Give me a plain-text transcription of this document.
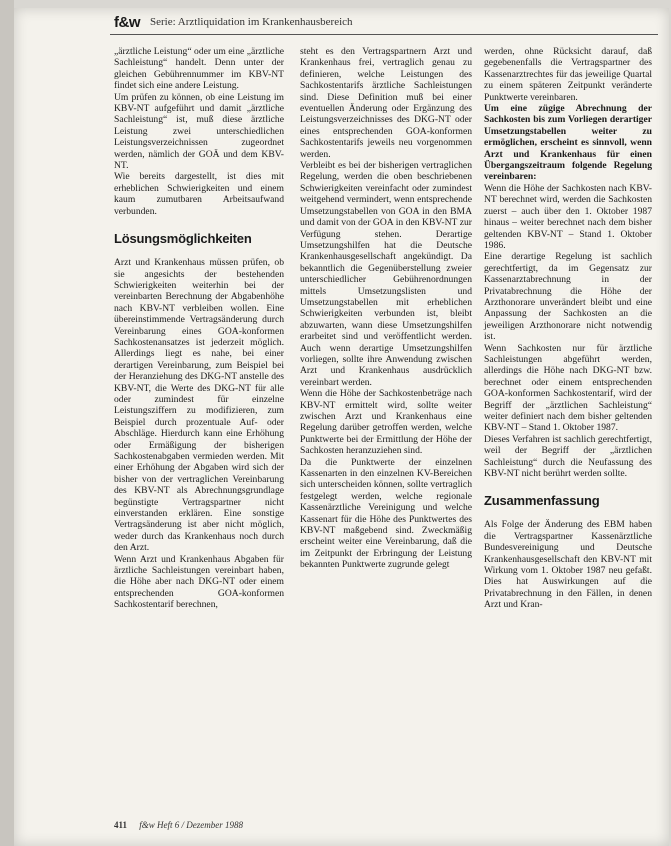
f&w Serie: Arztliquidation im Krankenhausbereich

„ärztliche Leistung“ oder um eine „ärztliche Sachleistung“ handelt. Denn unter der gleichen Gebührennummer im KBV-NT findet sich eine andere Leistung.

Um prüfen zu können, ob eine Leistung im KBV-NT aufgeführt und damit „ärztliche Sachleistung“ ist, muß diese ärztliche Leistung zwei unterschiedlichen Leistungsverzeichnissen zugeordnet werden, nämlich der GOÄ und dem KBV-NT.

Wie bereits dargestellt, ist dies mit erheblichen Schwierigkeiten und einem kaum zumutbaren Arbeitsaufwand verbunden.

Lösungsmöglichkeiten

Arzt und Krankenhaus müssen prüfen, ob sie angesichts der bestehenden Schwierigkeiten weiterhin bei der vereinbarten Berechnung der Abgabenhöhe nach KBV-NT verbleiben wollen. Eine übereinstimmende Vertragsänderung durch Vereinbarung eines GOA-konformen Sachkostenansatzes ist jederzeit möglich. Allerdings liegt es nahe, bei einer derartigen Vereinbarung, zum Beispiel bei der Heranziehung des DKG-NT anstelle des KBV-NT, die Werte des DKG-NT für alle oder zumindest für einzelne Leistungsziffern zu modifizieren, zum Beispiel durch prozentuale Auf- oder Abschläge. Hierdurch kann eine Erhöhung oder Ermäßigung der bisherigen Sachkostenabgaben vermieden werden. Mit einer Erhöhung der Abgaben wird sich der bisher von der vertraglichen Vereinbarung des KBV-NT als Abrechnungsgrundlage begünstigte Vertragspartner nicht einverstanden erklären. Eine sonstige Vertragsänderung ist aber nicht möglich, weder durch das Krankenhaus noch durch den Arzt.

Wenn Arzt und Krankenhaus Abgaben für ärztliche Sachleistungen vereinbart haben, die Höhe aber nach DKG-NT oder einem entsprechenden GOA-konformen Sachkostentarif berechnen,

steht es den Vertragspartnern Arzt und Krankenhaus frei, vertraglich genau zu definieren, welche Leistungen des Sachkostentarifs ärztliche Sachleistungen sind. Diese Definition muß bei einer eventuellen Änderung oder Ergänzung des Leistungsverzeichnisses des DKG-NT oder eines entsprechenden GOA-konformen Sachkostentarifs jeweils neu vorgenommen werden.

Verbleibt es bei der bisherigen vertraglichen Regelung, werden die oben beschriebenen Schwierigkeiten vereinfacht oder zumindest weitgehend vermindert, wenn entsprechende Umsetzungstabellen von GOA in den BMA und damit von der GOA in den KBV-NT zur Verfügung stehen. Derartige Umsetzungshilfen hat die Deutsche Krankenhausgesellschaft angekündigt. Da bekanntlich die Gegenüberstellung zweier unterschiedlicher Gebührenordnungen mittels Umsetzungslisten und Umsetzungstabellen mit erheblichen Schwierigkeiten verbunden ist, bleibt abzuwarten, wann diese Umsetzungshilfen erarbeitet sind und veröffentlicht werden. Auch wenn derartige Umsetzungshilfen vorliegen, sollte ihre Anwendung zwischen Arzt und Krankenhaus ausdrücklich vereinbart werden.

Wenn die Höhe der Sachkostenbeträge nach KBV-NT ermittelt wird, sollte weiter zwischen Arzt und Krankenhaus eine Regelung darüber getroffen werden, welche Punktwerte bei der Ermittlung der Höhe der Sachkosten heranzuziehen sind.

Da die Punktwerte der einzelnen Kassenarten in den einzelnen KV-Bereichen sich unterscheiden können, sollte vertraglich festgelegt werden, welche regionale Kassenärztliche Vereinigung und welche Kassenart für die Höhe des Punktwertes des KBV-NT maßgebend sind. Zweckmäßig erscheint weiter eine Vereinbarung, daß die im Zeitpunkt der Erbringung der Leistung bekannten Punktwerte zugrunde gelegt

werden, ohne Rücksicht darauf, daß gegebenenfalls die Vertragspartner des Kassenarztrechtes für das jeweilige Quartal zu einem späteren Zeitpunkt veränderte Punktwerte vereinbaren.

Um eine zügige Abrechnung der Sachkosten bis zum Vorliegen derartiger Umsetzungstabellen weiter zu ermöglichen, erscheint es sinnvoll, wenn Arzt und Krankenhaus für einen Übergangszeitraum folgende Regelung vereinbaren:

Wenn die Höhe der Sachkosten nach KBV-NT berechnet wird, werden die Sachkosten zuerst – auch über den 1. Oktober 1987 hinaus – weiter berechnet nach dem bisher geltenden KBV-NT – Stand 1. Oktober 1986.

Eine derartige Regelung ist sachlich gerechtfertigt, da im Gegensatz zur Kassenarztabrechnung in der Privatabrechnung die Höhe der Arzthonorare unverändert bleibt und eine Anpassung der Sachkosten an die jeweiligen Arzthonorare nicht notwendig ist.

Wenn Sachkosten nur für ärztliche Sachleistungen abgeführt werden, allerdings die Höhe nach DKG-NT bzw. berechnet oder einem entsprechenden GOA-konformen Sachkostentarif, wird der Begriff der „ärztlichen Sachleistung“ weiter definiert nach dem bisher geltenden KBV-NT – Stand 1. Oktober 1987.

Dieses Verfahren ist sachlich gerechtfertigt, weil der Begriff der „ärztlichen Sachleistung“ durch die Neufassung des KBV-NT nicht berührt werden sollte.

Zusammenfassung

Als Folge der Änderung des EBM haben die Vertragspartner Kassenärztliche Bundesvereinigung und Deutsche Krankenhausgesellschaft den KBV-NT mit Wirkung vom 1. Oktober 1987 neu gefaßt. Dies hat Auswirkungen auf die Privatabrechnung in den Fällen, in denen Arzt und Kran-

411 f&w Heft 6 / Dezember 1988
